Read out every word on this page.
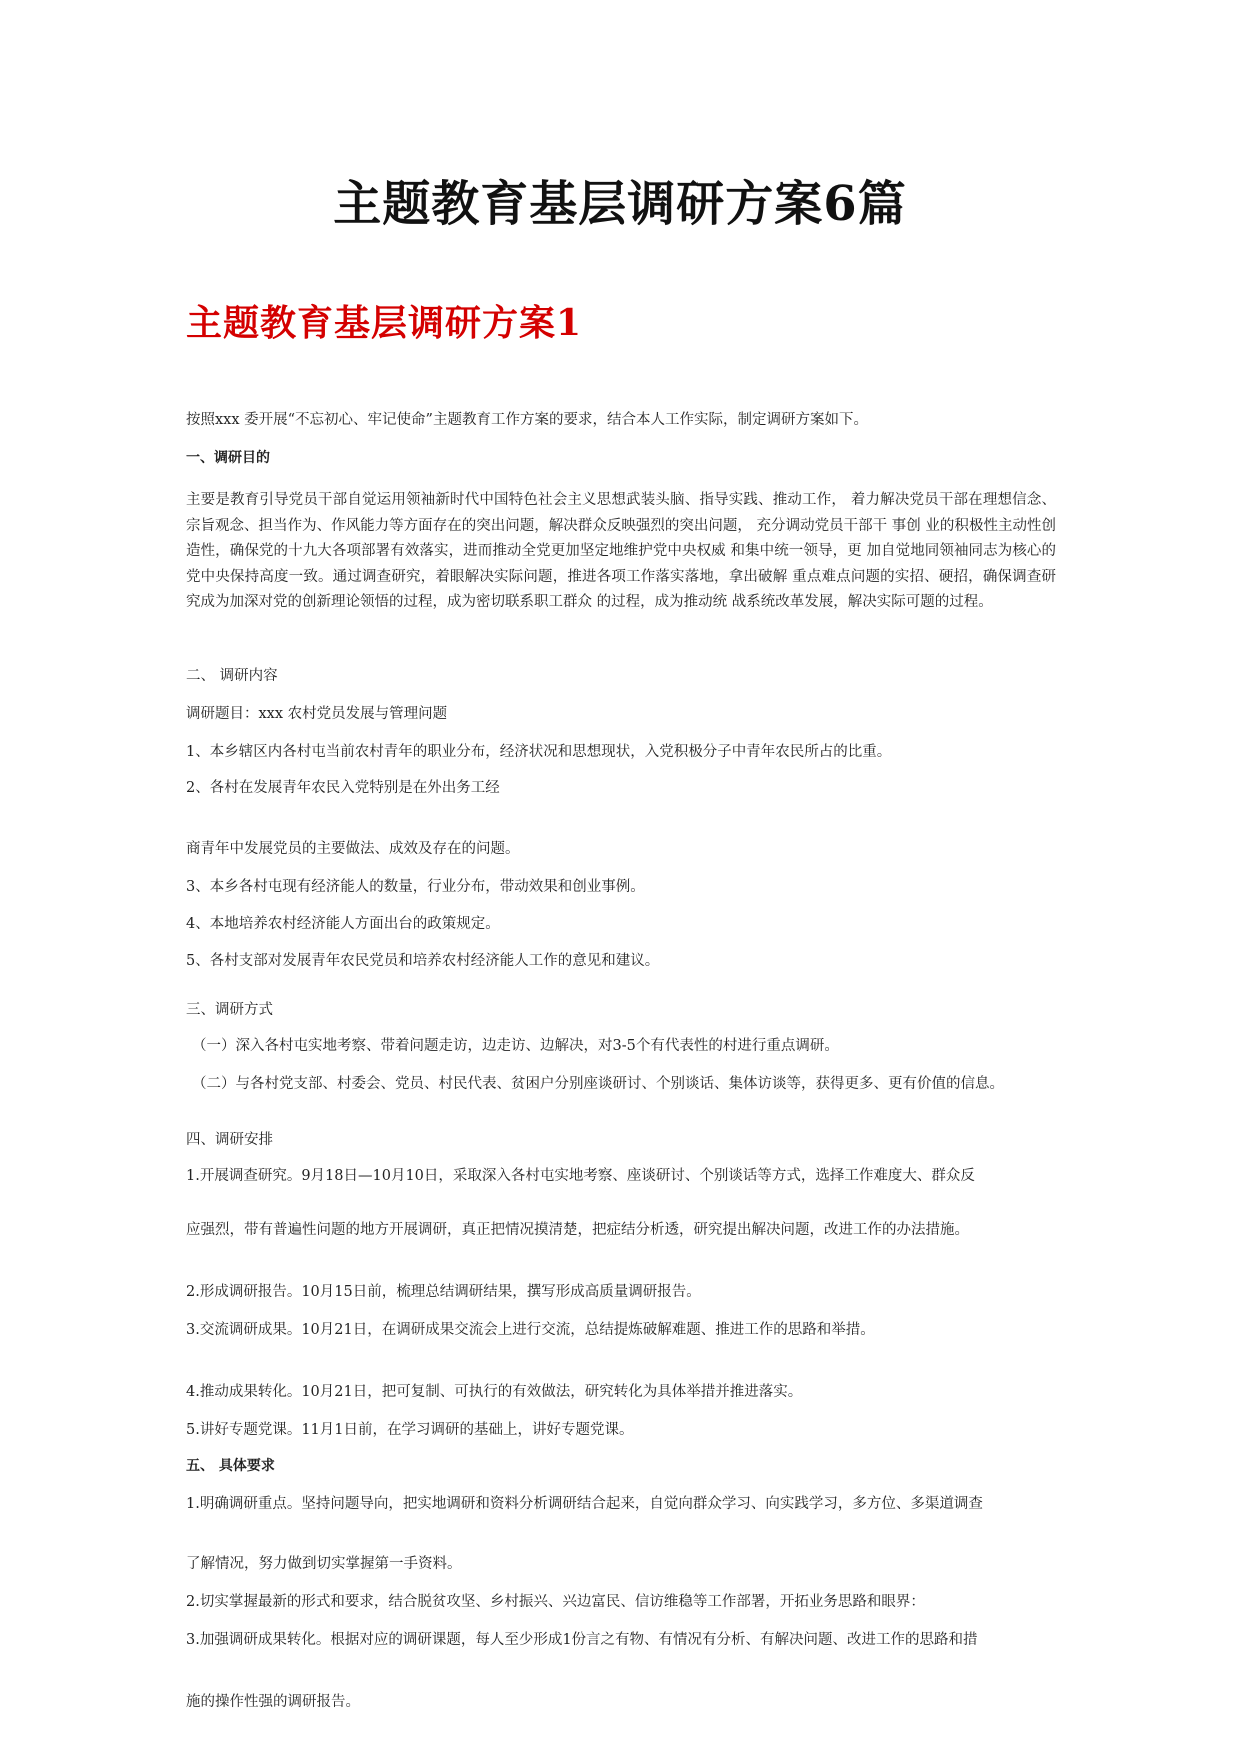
主题教育基层调研方案6篇
主题教育基层调研方案1
按照xxx 委开展“不忘初心、牢记使命”主题教育工作方案的要求，结合本人工作实际，制定调研方案如下。
一、调研目的
主要是教育引导党员干部自觉运用领袖新时代中国特色社会主义思想武装头脑、指导实践、推动工作， 着力解决党员干部在理想信念、宗旨观念、担当作为、作风能力等方面存在的突出问题，解决群众反映强烈的突出问题， 充分调动党员干部干 事创 业的积极性主动性创造性，确保党的十九大各项部署有效落实，进而推动全党更加坚定地维护党中央权威 和集中统一领导，更 加自觉地同领袖同志为核心的党中央保持高度一致。通过调查研究，着眼解决实际问题，推进各项工作落实落地，拿出破解 重点难点问题的实招、硬招，确保调查研究成为加深对党的创新理论领悟的过程，成为密切联系职工群众 的过程，成为推动统 战系统改革发展，解决实际可题的过程。
二、 调研内容
调研题目：xxx 农村党员发展与管理问题
1、本乡辖区内各村屯当前农村青年的职业分布，经济状况和思想现状，入党积极分子中青年农民所占的比重。
2、各村在发展青年农民入党特别是在外出务工经
商青年中发展党员的主要做法、成效及存在的问题。
3、本乡各村屯现有经济能人的数量，行业分布，带动效果和创业事例。
4、本地培养农村经济能人方面出台的政策规定。
5、各村支部对发展青年农民党员和培养农村经济能人工作的意见和建议。
三、调研方式
（一）深入各村屯实地考察、带着问题走访，边走访、边解决，对3-5个有代表性的村进行重点调研。
（二）与各村党支部、村委会、党员、村民代表、贫困户分别座谈研讨、个别谈话、集体访谈等，获得更多、更有价值的信息。
四、调研安排
1.开展调查研究。9月18日—10月10日，采取深入各村屯实地考察、座谈研讨、个别谈话等方式，选择工作难度大、群众反
应强烈，带有普遍性问题的地方开展调研，真正把情况摸清楚，把症结分析透，研究提出解决问题，改进工作的办法措施。
2.形成调研报告。10月15日前，梳理总结调研结果，撰写形成高质量调研报告。
3.交流调研成果。10月21日，在调研成果交流会上进行交流，总结提炼破解难题、推进工作的思路和举措。
4.推动成果转化。10月21日，把可复制、可执行的有效做法，研究转化为具体举措并推进落实。
5.讲好专题党课。11月1日前，在学习调研的基础上，讲好专题党课。
五、 具体要求
1.明确调研重点。坚持问题导向，把实地调研和资料分析调研结合起来，自觉向群众学习、向实践学习，多方位、多渠道调查
了解情况，努力做到切实掌握第一手资料。
2.切实掌握最新的形式和要求，结合脱贫攻坚、乡村振兴、兴边富民、信访维稳等工作部署，开拓业务思路和眼界：
3.加强调研成果转化。根据对应的调研课题，每人至少形成1份言之有物、有情况有分析、有解决问题、改进工作的思路和措
施的操作性强的调研报告。
